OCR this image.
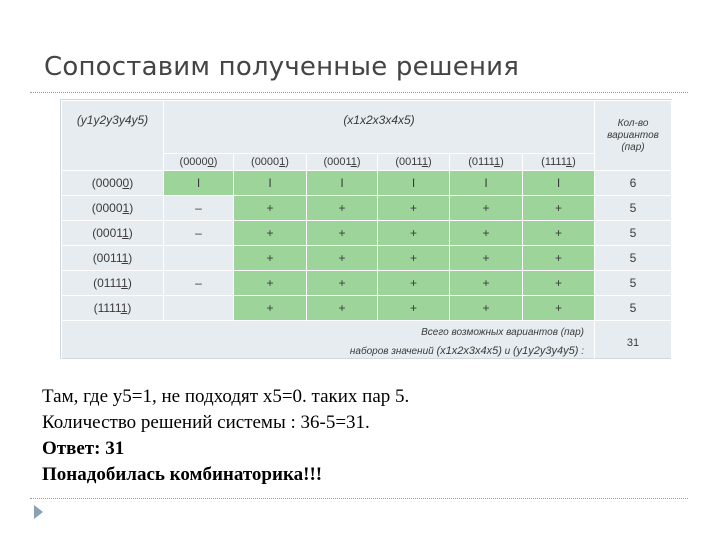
Сопоставим полученные решения
(y1y2y3y4y5)	(x1x2x3x4x5)						Кол-во
вариантов
(пар)

	(00000)	(00001)	(00011)	(00111)	(01111)	(11111)	
(00000)	I	I	I	I	I	I	6
(00001)	–	+	+	+	+	+	5
(00011)	–	+	+	+	+	+	5
(00111)		+	+	+	+	+	5
(01111)	–	+	+	+	+	+	5
(11111)		+	+	+	+	+	5

Всего возможных вариантов (пар)
наборов значений (x1x2x3x4x5) и (y1y2y3y4y5) :							31
Там, где y5=1, не подходят x5=0. таких пар 5.
Количество решений системы : 36-5=31.
Ответ: 31
Понадобилась комбинаторика!!!
